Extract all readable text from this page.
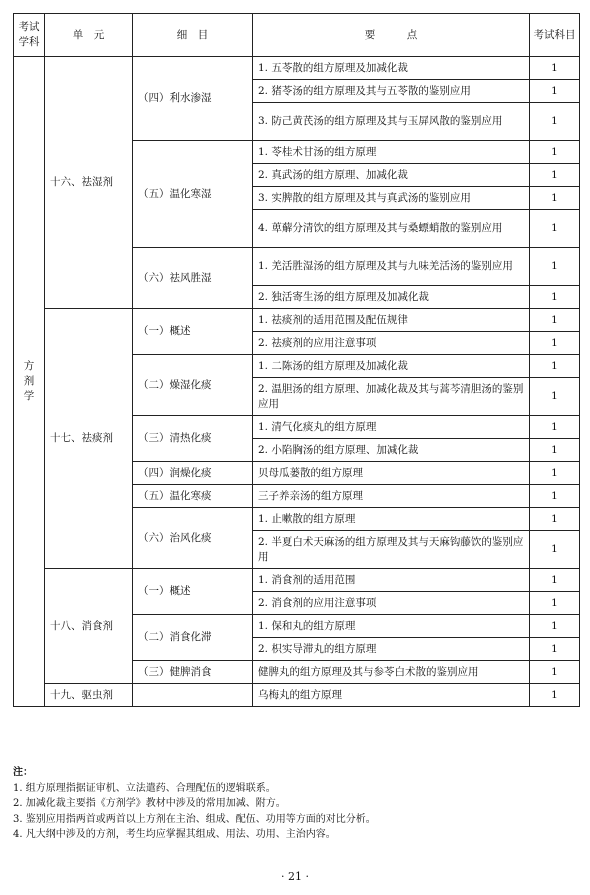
考试学科	单　元	细　目	要　　　点	考试科目
方剂学	十六、祛湿剂	（四）利水渗湿	1. 五苓散的组方原理及加减化裁	1
			2. 猪苓汤的组方原理及其与五苓散的鉴别应用	1
			3. 防己黄芪汤的组方原理及其与玉屏风散的鉴别应用	1
		（五）温化寒湿	1. 苓桂术甘汤的组方原理	1
			2. 真武汤的组方原理、加减化裁	1
			3. 实脾散的组方原理及其与真武汤的鉴别应用	1
			4. 萆薢分清饮的组方原理及其与桑螵蛸散的鉴别应用	1
		（六）祛风胜湿	1. 羌活胜湿汤的组方原理及其与九味羌活汤的鉴别应用	1
			2. 独活寄生汤的组方原理及加减化裁	1
	十七、祛痰剂	（一）概述	1. 祛痰剂的适用范围及配伍规律	1
			2. 祛痰剂的应用注意事项	1
		（二）燥湿化痰	1. 二陈汤的组方原理及加减化裁	1
			2. 温胆汤的组方原理、加减化裁及其与蒿芩清胆汤的鉴别应用	1
		（三）清热化痰	1. 清气化痰丸的组方原理	1
			2. 小陷胸汤的组方原理、加减化裁	1
		（四）润燥化痰	贝母瓜蒌散的组方原理	1
		（五）温化寒痰	三子养亲汤的组方原理	1
		（六）治风化痰	1. 止嗽散的组方原理	1
			2. 半夏白术天麻汤的组方原理及其与天麻钩藤饮的鉴别应用	1
	十八、消食剂	（一）概述	1. 消食剂的适用范围	1
			2. 消食剂的应用注意事项	1
		（二）消食化滞	1. 保和丸的组方原理	1
			2. 枳实导滞丸的组方原理	1
		（三）健脾消食	健脾丸的组方原理及其与参苓白术散的鉴别应用	1
	十九、驱虫剂		乌梅丸的组方原理	1
注：
1. 组方原理指据证审机、立法遣药、合理配伍的逻辑联系。
2. 加减化裁主要指《方剂学》教材中涉及的常用加减、附方。
3. 鉴别应用指两首或两首以上方剂在主治、组成、配伍、功用等方面的对比分析。
4. 凡大纲中涉及的方剂，考生均应掌握其组成、用法、功用、主治内容。
· 21 ·
